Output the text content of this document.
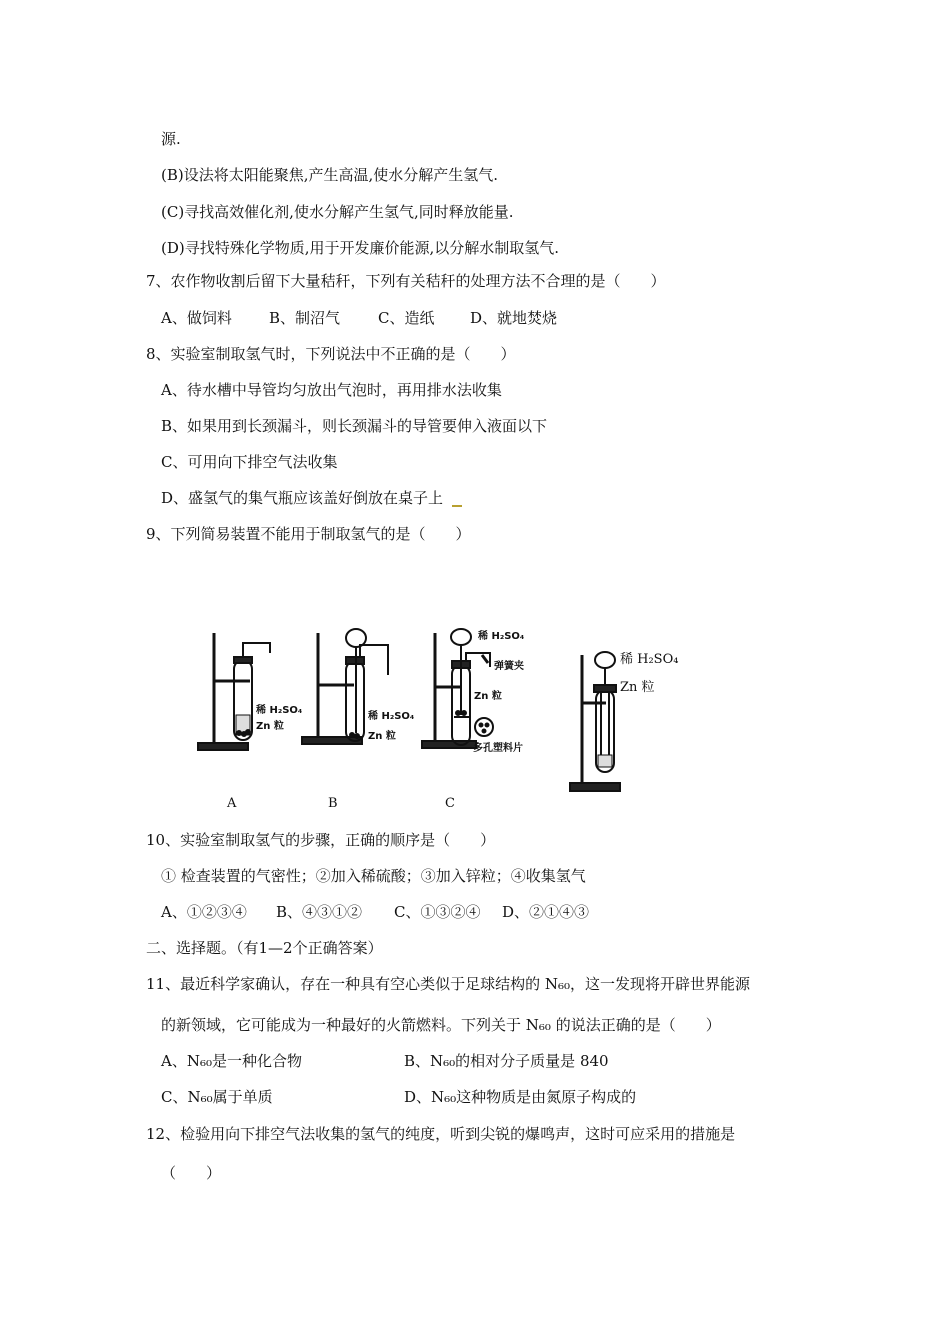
源.
(B)设法将太阳能聚焦,产生高温,使水分解产生氢气.
(C)寻找高效催化剂,使水分解产生氢气,同时释放能量.
(D)寻找特殊化学物质,用于开发廉价能源,以分解水制取氢气.
7、农作物收割后留下大量秸秆，下列有关秸秆的处理方法不合理的是（　　）
A、做饲料 B、制沼气	C、造纸 D、就地焚烧
8、实验室制取氢气时，下列说法中不正确的是（　　）
A、待水槽中导管均匀放出气泡时，再用排水法收集
B、如果用到长颈漏斗，则长颈漏斗的导管要伸入液面以下
C、可用向下排空气法收集
D、盛氢气的集气瓶应该盖好倒放在桌子上
9、下列简易装置不能用于制取氢气的是（　　）
稀 H₂SO₄
Zn 粒
稀 H₂SO₄
Zn 粒
稀 H₂SO₄
弹簧夹
Zn 粒
多孔塑料片
稀 H₂SO₄
Zn 粒
A	B	C
10、实验室制取氢气的步骤，正确的顺序是（　　）
① 检查装置的气密性；②加入稀硫酸；③加入锌粒；④收集氢气
A、①②③④ B、④③①② C、①③②④ D、②①④③
二、选择题。（有1—2个正确答案）
11、最近科学家确认，存在一种具有空心类似于足球结构的 N₆₀，这一发现将开辟世界能源
的新领域，它可能成为一种最好的火箭燃料。下列关于 N₆₀ 的说法正确的是（　　）
A、N₆₀是一种化合物	B、N₆₀的相对分子质量是 840
C、N₆₀属于单质	D、N₆₀这种物质是由氮原子构成的
12、检验用向下排空气法收集的氢气的纯度，听到尖锐的爆鸣声，这时可应采用的措施是
（　　）
